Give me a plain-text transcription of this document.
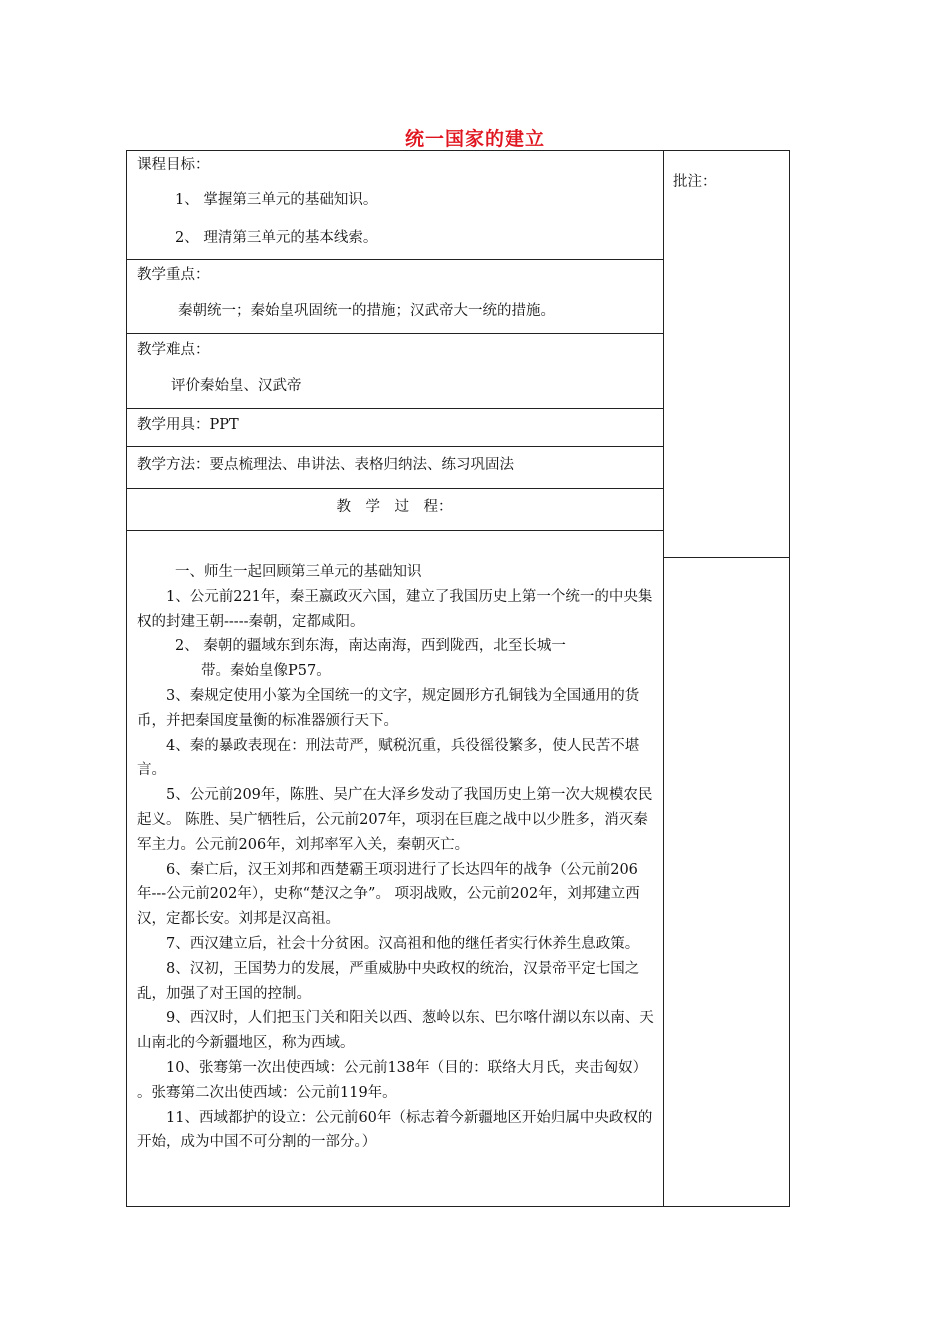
统一国家的建立
批注：
课程目标：
1、 掌握第三单元的基础知识。
2、 理清第三单元的基本线索。
教学重点：
秦朝统一；秦始皇巩固统一的措施；汉武帝大一统的措施。
教学难点：
评价秦始皇、汉武帝
教学用具：PPT
教学方法：要点梳理法、串讲法、表格归纳法、练习巩固法
教　学　过　程：

一、师生一起回顾第三单元的基础知识

1、公元前221年，秦王嬴政灭六国，建立了我国历史上第一个统一的中央集权的封建王朝-----秦朝，定都咸阳。

2、 秦朝的疆域东到东海，南达南海，西到陇西，北至长城一

带。秦始皇像P57。

3、秦规定使用小篆为全国统一的文字，规定圆形方孔铜钱为全国通用的货币，并把秦国度量衡的标准器颁行天下。

4、秦的暴政表现在：刑法苛严，赋税沉重，兵役徭役繁多，使人民苦不堪言。

5、公元前209年，陈胜、吴广在大泽乡发动了我国历史上第一次大规模农民起义。 陈胜、吴广牺牲后，公元前207年，项羽在巨鹿之战中以少胜多，消灭秦军主力。公元前206年，刘邦率军入关，秦朝灭亡。

6、秦亡后，汉王刘邦和西楚霸王项羽进行了长达四年的战争（公元前206年---公元前202年），史称“楚汉之争”。 项羽战败，公元前202年，刘邦建立西汉，定都长安。刘邦是汉高祖。

7、西汉建立后，社会十分贫困。汉高祖和他的继任者实行休养生息政策。

8、汉初，王国势力的发展，严重威胁中央政权的统治，汉景帝平定七国之乱，加强了对王国的控制。

9、西汉时，人们把玉门关和阳关以西、葱岭以东、巴尔喀什湖以东以南、天山南北的今新疆地区，称为西域。

10、张骞第一次出使西域：公元前138年（目的：联络大月氏，夹击匈奴） 。张骞第二次出使西域：公元前119年。

11、西域都护的设立：公元前60年（标志着今新疆地区开始归属中央政权的开始，成为中国不可分割的一部分。）
